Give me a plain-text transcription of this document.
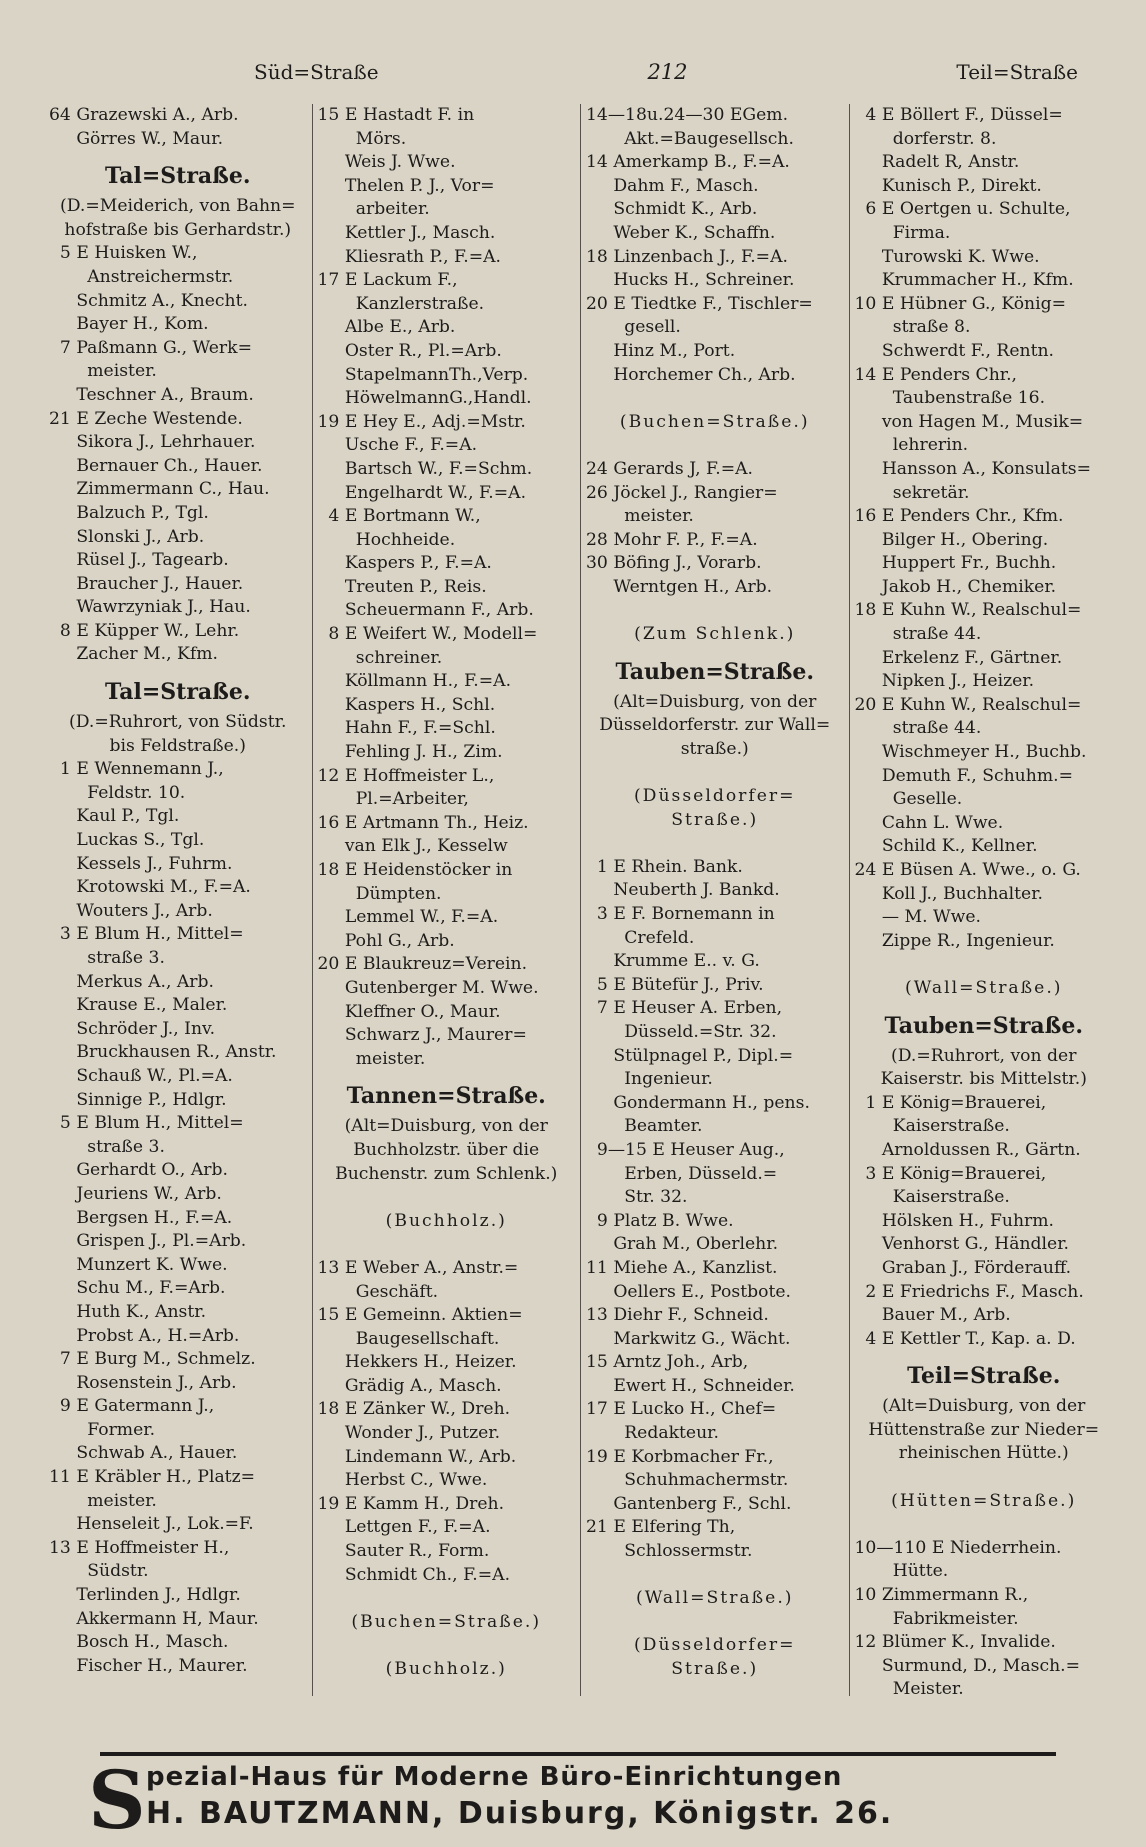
Süd=Straße	212	Teil=Straße
64 Grazewski A., Arb.
Görres W., Maur.
Tal=Straße.
(D.=Meiderich, von Bahn=
hofstraße bis Gerhardstr.)
5 E Huisken W.,
Anstreichermstr.
Schmitz A., Knecht.
Bayer H., Kom.
7 Paßmann G., Werk=
meister.
Teschner A., Braum.
21 E Zeche Westende.
Sikora J., Lehrhauer.
Bernauer Ch., Hauer.
Zimmermann C., Hau.
Balzuch P., Tgl.
Slonski J., Arb.
Rüsel J., Tagearb.
Braucher J., Hauer.
Wawrzynіak J., Hau.
8 E Küpper W., Lehr.
Zacher M., Kfm.
Tal=Straße.
(D.=Ruhrort, von Südstr.
bis Feldstraße.)
1 E Wennemann J.,
Feldstr. 10.
Kaul P., Tgl.
Luckas S., Tgl.
Kessels J., Fuhrm.
Krotowski M., F.=A.
Wouters J., Arb.
3 E Blum H., Mittel=
straße 3.
Merkus A., Arb.
Krause E., Maler.
Schröder J., Inv.
Bruckhausen R., Anstr.
Schauß W., Pl.=A.
Sinnige P., Hdlgr.
5 E Blum H., Mittel=
straße 3.
Gerhardt O., Arb.
Jeuriens W., Arb.
Bergsen H., F.=A.
Grispen J., Pl.=Arb.
Munzert K. Wwe.
Schu M., F.=Arb.
Huth K., Anstr.
Probst A., H.=Arb.
7 E Burg M., Schmelz.
Rosenstein J., Arb.
9 E Gatermann J.,
Former.
Schwab A., Hauer.
11 E Kräbler H., Platz=
meister.
Henseleit J., Lok.=F.
13 E Hoffmeister H.,
Südstr.
Terlinden J., Hdlgr.
Akkermann H, Maur.
Bosch H., Masch.
Fischer H., Maurer.
15 E Hastadt F. in
Mörs.
Weis J. Wwe.
Thelen P. J., Vor=
arbeiter.
Kettler J., Masch.
Kliesrath P., F.=A.
17 E Lackum F.,
Kanzlerstraße.
Albe E., Arb.
Oster R., Pl.=Arb.
StapelmannTh.,Verp.
HöwelmannG.,Handl.
19 E Hey E., Adj.=Mstr.
Usche F., F.=A.
Bartsch W., F.=Schm.
Engelhardt W., F.=A.
4 E Bortmann W.,
Hochheide.
Kaspers P., F.=A.
Treuten P., Reis.
Scheuermann F., Arb.
8 E Weifert W., Modell=
schreiner.
Köllmann H., F.=A.
Kaspers H., Schl.
Hahn F., F.=Schl.
Fehling J. H., Zim.
12 E Hoffmeister L.,
Pl.=Arbeiter,
16 E Artmann Th., Heiz.
van Elk J., Kesselw
18 E Heidenstöcker in
Dümpten.
Lemmel W., F.=A.
Pohl G., Arb.
20 E Blaukreuz=Verein.
Gutenberger M. Wwe.
Kleffner O., Maur.
Schwarz J., Maurer=
meister.
Tannen=Straße.
(Alt=Duisburg, von der
Buchholzstr. über die
Buchenstr. zum Schlenk.)

(Buchholz.)

13 E Weber A., Anstr.=
Geschäft.
15 E Gemeinn. Aktien=
Baugesellschaft.
Hekkers H., Heizer.
Grädig A., Masch.
18 E Zänker W., Dreh.
Wonder J., Putzer.
Lindemann W., Arb.
Herbst C., Wwe.
19 E Kamm H., Dreh.
Lettgen F., F.=A.
Sauter R., Form.
Schmidt Ch., F.=A.

(Buchen=Straße.)

(Buchholz.)
14—18u.24—30 EGem.
Akt.=Baugesellsch.
14 Amerkamp B., F.=A.
Dahm F., Masch.
Schmidt K., Arb.
Weber K., Schaffn.
18 Linzenbach J., F.=A.
Hucks H., Schreiner.
20 E Tiedtke F., Tischler=
gesell.
Hinz M., Port.
Horchemer Ch., Arb.

(Buchen=Straße.)

24 Gerards J, F.=A.
26 Jöckel J., Rangier=
meister.
28 Mohr F. P., F.=A.
30 Böfing J., Vorarb.
Werntgen H., Arb.

(Zum Schlenk.)
Tauben=Straße.
(Alt=Duisburg, von der
Düsseldorferstr. zur Wall=
straße.)

(Düsseldorfer=
Straße.)

1 E Rhein. Bank.
Neuberth J. Bankd.
3 E F. Bornemann in
Crefeld.
Krumme E.. v. G.
5 E Bütefür J., Priv.
7 E Heuser A. Erben,
Düsseld.=Str. 32.
Stülpnagel P., Dipl.=
Ingenieur.
Gondermann H., pens.
Beamter.
9—15 E Heuser Aug.,
Erben, Düsseld.=
Str. 32.
9 Platz B. Wwe.
Grah M., Oberlehr.
11 Miehe A., Kanzlist.
Oellers E., Postbote.
13 Diehr F., Schneid.
Markwitz G., Wächt.
15 Arntz Joh., Arb,
Ewert H., Schneider.
17 E Lucko H., Chef=
Redakteur.
19 E Korbmacher Fr.,
Schuhmachermstr.
Gantenberg F., Schl.
21 E Elfering Th,
Schlossermstr.

(Wall=Straße.)

(Düsseldorfer=
Straße.)
4 E Böllert F., Düssel=
dorferstr. 8.
Radelt R, Anstr.
Kunisch P., Direkt.
6 E Oertgen u. Schulte,
Firma.
Turowski K. Wwe.
Krummacher H., Kfm.
10 E Hübner G., König=
straße 8.
Schwerdt F., Rentn.
14 E Penders Chr.,
Taubenstraße 16.
von Hagen M., Musik=
lehrerin.
Hansson A., Konsulats=
sekretär.
16 E Penders Chr., Kfm.
Bilger H., Obering.
Huppert Fr., Buchh.
Jakob H., Chemiker.
18 E Kuhn W., Realschul=
straße 44.
Erkelenz F., Gärtner.
Nipken J., Heizer.
20 E Kuhn W., Realschul=
straße 44.
Wischmeyer H., Buchb.
Demuth F., Schuhm.=
Geselle.
Cahn L. Wwe.
Schild K., Kellner.
24 E Büsen A. Wwe., o. G.
Koll J., Buchhalter.
— M. Wwe.
Zippe R., Ingenieur.

(Wall=Straße.)
Tauben=Straße.
(D.=Ruhrort, von der
Kaiserstr. bis Mittelstr.)
1 E König=Brauerei,
Kaiserstraße.
Arnoldussen R., Gärtn.
3 E König=Brauerei,
Kaiserstraße.
Hölsken H., Fuhrm.
Venhorst G., Händler.
Graban J., Förderauff.
2 E Friedrichs F., Masch.
Bauer M., Arb.
4 E Kettler T., Kap. a. D.
Teil=Straße.
(Alt=Duisburg, von der
Hüttenstraße zur Nieder=
rheinischen Hütte.)

(Hütten=Straße.)

10—110 E Niederrhein.
Hütte.
10 Zimmermann R.,
Fabrikmeister.
12 Blümer K., Invalide.
Surmund, D., Masch.=
Meister.
S pezial-Haus für Moderne Büro-Einrichtungen
H. BAUTZMANN, Duisburg, Königstr. 26.
